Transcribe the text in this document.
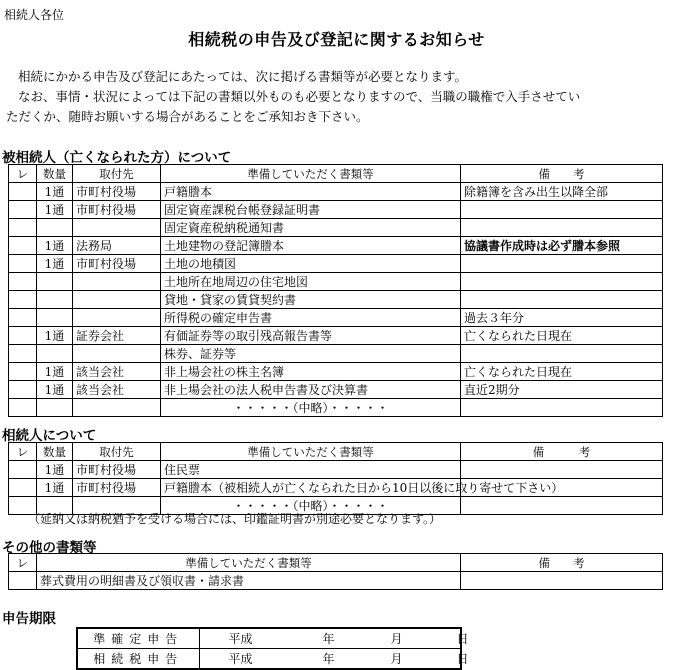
相続人各位
相続税の申告及び登記に関するお知らせ
相続にかかる申告及び登記にあたっては、次に掲げる書類等が必要となります。
なお、事情・状況によっては下記の書類以外ものも必要となりますので、当職の職権で入手させてい
ただくか、随時お願いする場合があることをご承知おき下さい。
被相続人（亡くなられた方）について
レ	数量	取付先	準備していただく書類等	備　　考
	1通	市町村役場	戸籍謄本	除籍簿を含み出生以降全部
	1通	市町村役場	固定資産課税台帳登録証明書	
			固定資産税納税通知書	
	1通	法務局	土地建物の登記簿謄本	協議書作成時は必ず謄本参照
	1通	市町村役場	土地の地積図	
			土地所在地周辺の住宅地図	
			貸地・貸家の賃貸契約書	
			所得税の確定申告書	過去３年分
	1通	証券会社	有価証券等の取引残高報告書等	亡くなられた日現在
			株券、証券等	
	1通	該当会社	非上場会社の株主名簿	亡くなられた日現在
	1通	該当会社	非上場会社の法人税申告書及び決算書	直近2期分
			・・・・・（中略）・・・・・	
相続人について
レ	数量	取付先	準備していただく書類等	備　　　考
	1通	市町村役場	住民票	
	1通	市町村役場	戸籍謄本（被相続人が亡くなられた日から10日以後に取り寄せて下さい）	
			・・・・・（中略）・・・・・	
（延納又は納税猶予を受ける場合には、印鑑証明書が別途必要となります。）
その他の書類等
レ	準備していただく書類等	備　　考
	葬式費用の明細書及び領収書・請求書	
申告期限
準確定申告	平成 年 月 日
相続税申告	平成 年 月 日
